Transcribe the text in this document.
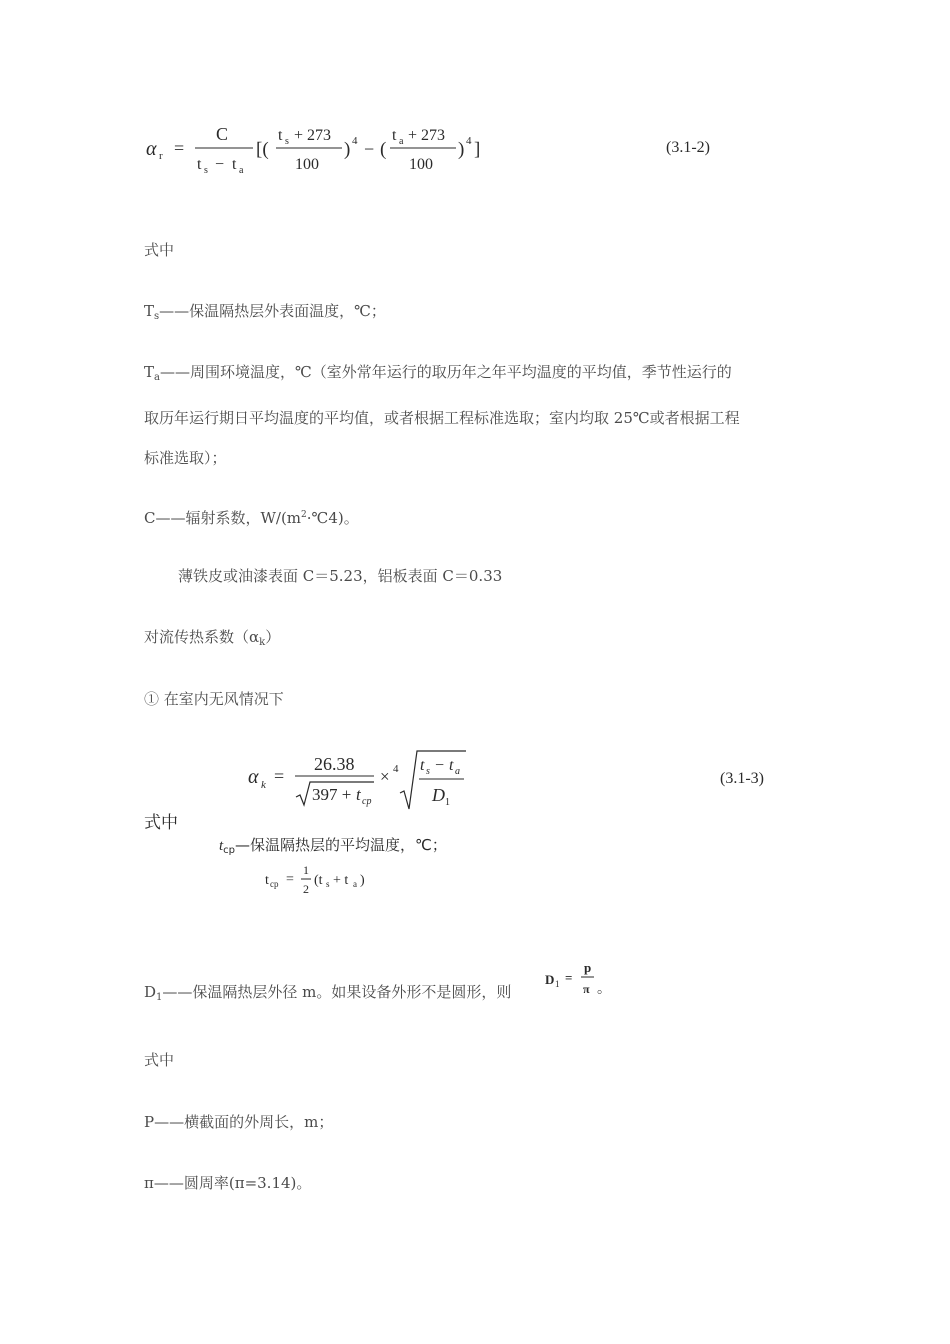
α r =
C
t s − t a
[(
t s + 273
100
) 4 − (
t a + 273
100
) 4 ]	(3.1-2)
式中
$T_s——$保温隔热层外表面温度，℃；
$T_a——$周围环境温度，℃（室外常年运行的取历年之年平均温度的平均值，季节性运行的
取历年运行期日平均温度的平均值，或者根据工程标准选取；室内均取 25℃或者根据工程
标准选取）；
C——辐射系数，$W/(m^2\cdot℃4)$。
薄铁皮或油漆表面 C＝5.23，铝板表面 C＝0.33
对流传热系数$(\alpha_k)$
① 在室内无风情况下
α k =
26.38
397 + t cp
× 4 t s − t a
D 1
(3.1-3)
式中
$t_{cp}—$保温隔热层的平均温度，℃；
t cp =
1
2
(t s + t a )
$D_1——$保温隔热层外径 m。如果设备外形不是圆形，则
D 1 =
p
π 。
式中
P——横截面的外周长，m；
π——圆周率(π=3.14)。
